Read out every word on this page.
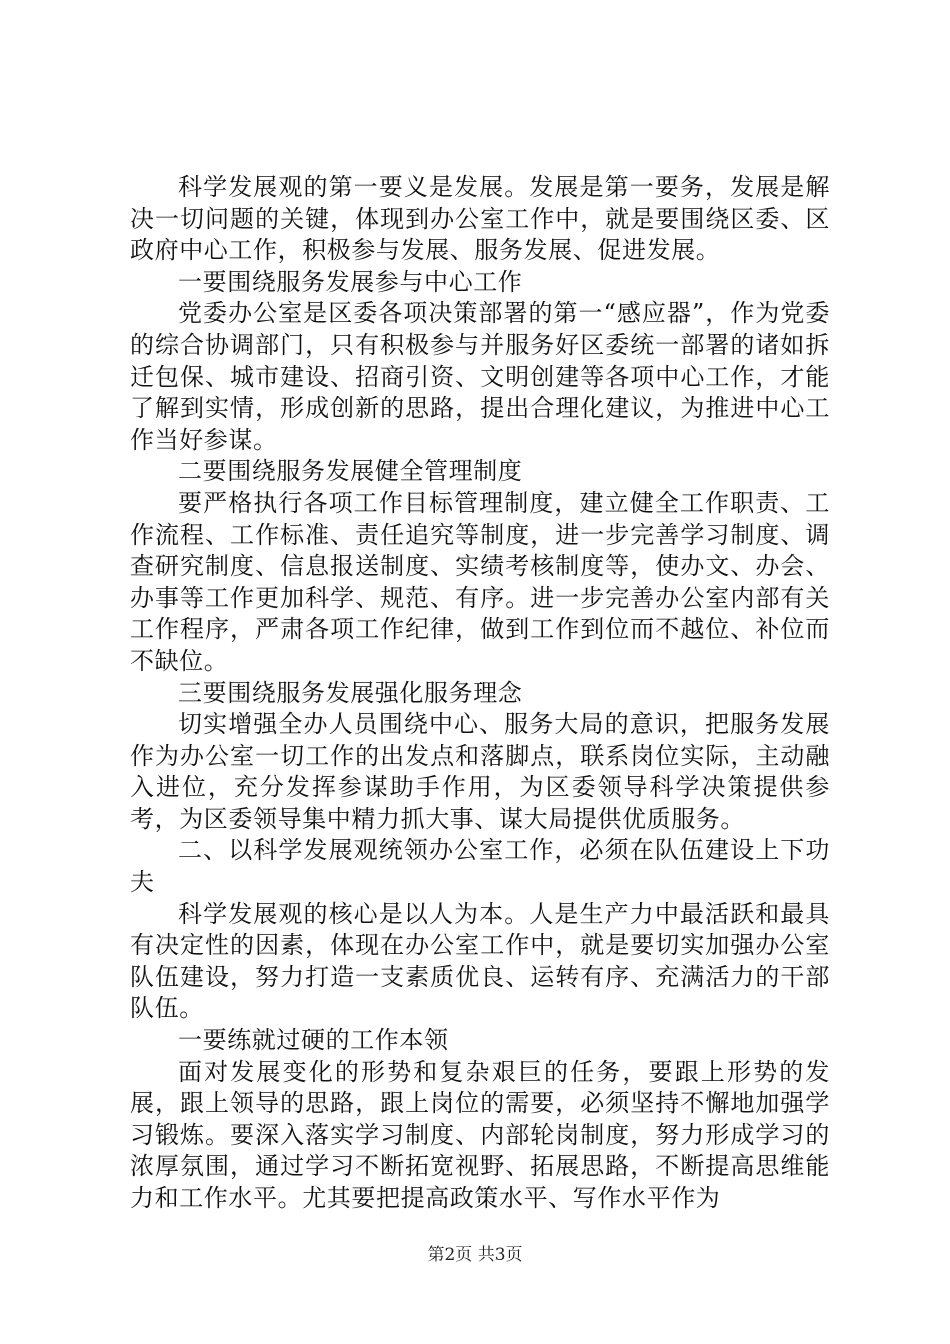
科学发展观的第一要义是发展。发展是第一要务，发展是解决一切问题的关键，体现到办公室工作中，就是要围绕区委、区政府中心工作，积极参与发展、服务发展、促进发展。

一要围绕服务发展参与中心工作

党委办公室是区委各项决策部署的第一“感应器”，作为党委的综合协调部门，只有积极参与并服务好区委统一部署的诸如拆迁包保、城市建设、招商引资、文明创建等各项中心工作，才能了解到实情，形成创新的思路，提出合理化建议，为推进中心工作当好参谋。

二要围绕服务发展健全管理制度

要严格执行各项工作目标管理制度，建立健全工作职责、工作流程、工作标准、责任追究等制度，进一步完善学习制度、调查研究制度、信息报送制度、实绩考核制度等，使办文、办会、办事等工作更加科学、规范、有序。进一步完善办公室内部有关工作程序，严肃各项工作纪律，做到工作到位而不越位、补位而不缺位。

三要围绕服务发展强化服务理念

切实增强全办人员围绕中心、服务大局的意识，把服务发展作为办公室一切工作的出发点和落脚点，联系岗位实际，主动融入进位，充分发挥参谋助手作用，为区委领导科学决策提供参考，为区委领导集中精力抓大事、谋大局提供优质服务。

二、以科学发展观统领办公室工作，必须在队伍建设上下功夫

科学发展观的核心是以人为本。人是生产力中最活跃和最具有决定性的因素，体现在办公室工作中，就是要切实加强办公室队伍建设，努力打造一支素质优良、运转有序、充满活力的干部队伍。

一要练就过硬的工作本领

面对发展变化的形势和复杂艰巨的任务，要跟上形势的发展，跟上领导的思路，跟上岗位的需要，必须坚持不懈地加强学习锻炼。要深入落实学习制度、内部轮岗制度，努力形成学习的浓厚氛围，通过学习不断拓宽视野、拓展思路，不断提高思维能力和工作水平。尤其要把提高政策水平、写作水平作为

第2页 共3页
